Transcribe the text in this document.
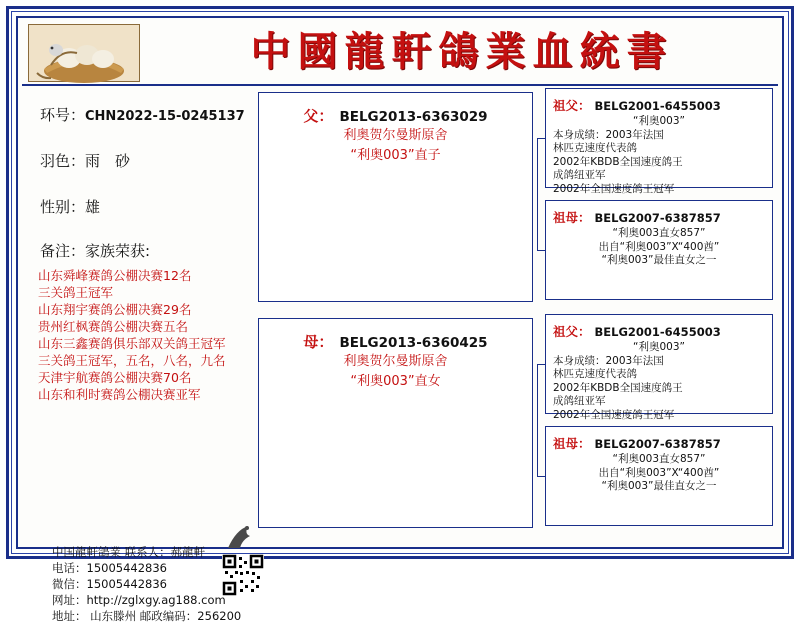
中國龍軒鴿業血統書
环号：CHN2022-15-0245137
羽色：雨　砂
性别：雄
备注：家族荣获:
山东舜峰赛鸽公棚决赛12名
三关鸽王冠军
山东翔宇赛鸽公棚决赛29名
贵州红枫赛鸽公棚决赛五名
山东三鑫赛鸽俱乐部双关鸽王冠军
三关鸽王冠军，五名，八名，九名
天津宇航赛鸽公棚决赛70名
山东和利时赛鸽公棚决赛亚军
中国龍軒鴿業 联系人：郝龍軒
电话：15005442836
微信：15005442836
网址：http://zglxgy.ag188.com
地址： 山东滕州 邮政编码：256200
父： BELG2013-6363029
利奥贺尔曼斯原舍
“利奥003”直子
母： BELG2013-6360425
利奥贺尔曼斯原舍
“利奥003”直女
祖父： BELG2001-6455003
“利奥003”
本身成绩：2003年法国
林匹克速度代表鸽
2002年KBDB全国速度鸽王
成鸽纽亚军
2002年全国速度鸽王冠军
祖母： BELG2007-6387857
“利奥003直女857”
出自“利奥003”X“400酋”
“利奥003”最佳直女之一
祖父： BELG2001-6455003
“利奥003”
本身成绩：2003年法国
林匹克速度代表鸽
2002年KBDB全国速度鸽王
成鸽纽亚军
2002年全国速度鸽王冠军
祖母： BELG2007-6387857
“利奥003直女857”
出自“利奥003”X“400酋”
“利奥003”最佳直女之一
